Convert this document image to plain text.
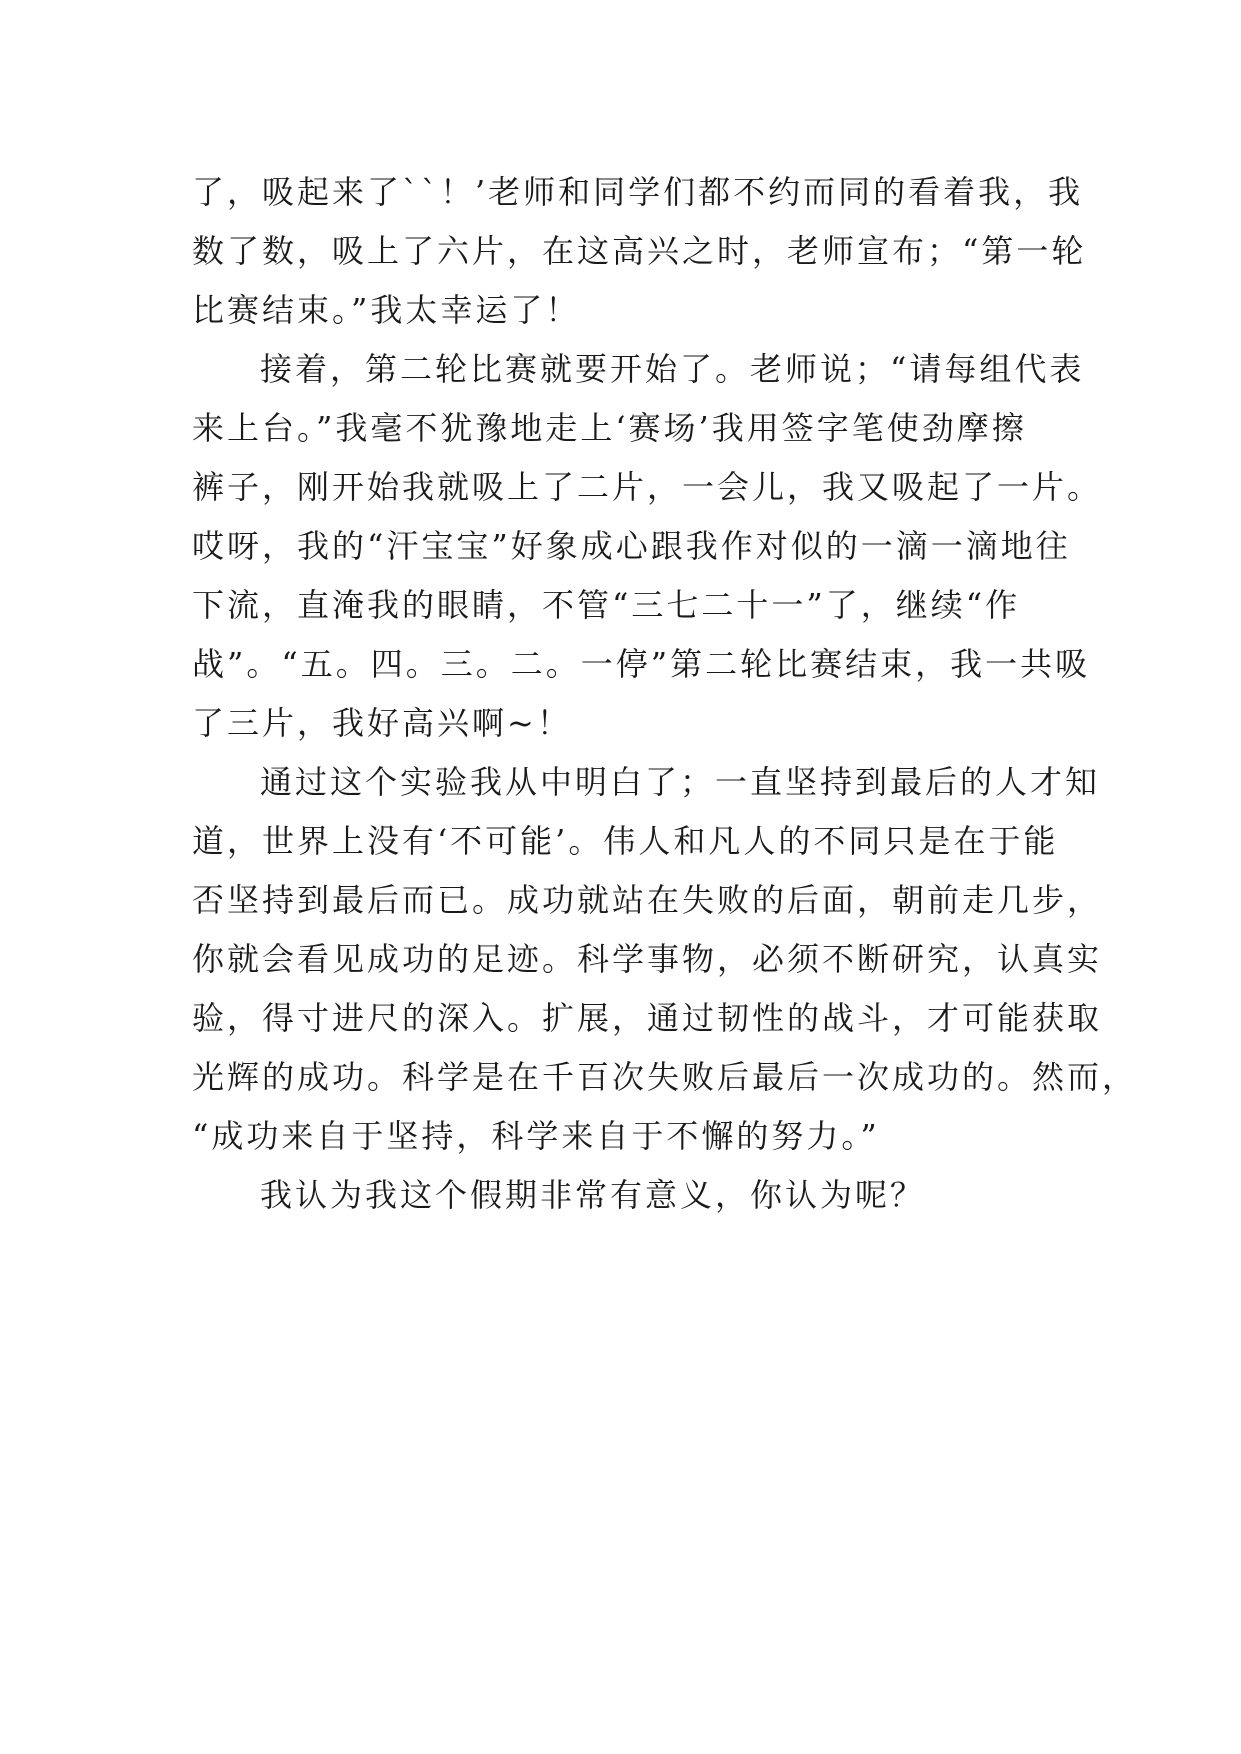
了，吸起来了``！’老师和同学们都不约而同的看着我，我
数了数，吸上了六片，在这高兴之时，老师宣布；“第一轮
比赛结束。”我太幸运了！
接着，第二轮比赛就要开始了。老师说；“请每组代表
来上台。”我毫不犹豫地走上‘赛场’我用签字笔使劲摩擦
裤子，刚开始我就吸上了二片，一会儿，我又吸起了一片。
哎呀，我的“汗宝宝”好象成心跟我作对似的一滴一滴地往
下流，直淹我的眼睛，不管“三七二十一”了，继续“作
战”。“五。四。三。二。一停”第二轮比赛结束，我一共吸
了三片，我好高兴啊~！
通过这个实验我从中明白了；一直坚持到最后的人才知
道，世界上没有‘不可能’。伟人和凡人的不同只是在于能
否坚持到最后而已。成功就站在失败的后面，朝前走几步，
你就会看见成功的足迹。科学事物，必须不断研究，认真实
验，得寸进尺的深入。扩展，通过韧性的战斗，才可能获取
光辉的成功。科学是在千百次失败后最后一次成功的。然而，
“成功来自于坚持，科学来自于不懈的努力。”
我认为我这个假期非常有意义，你认为呢？
